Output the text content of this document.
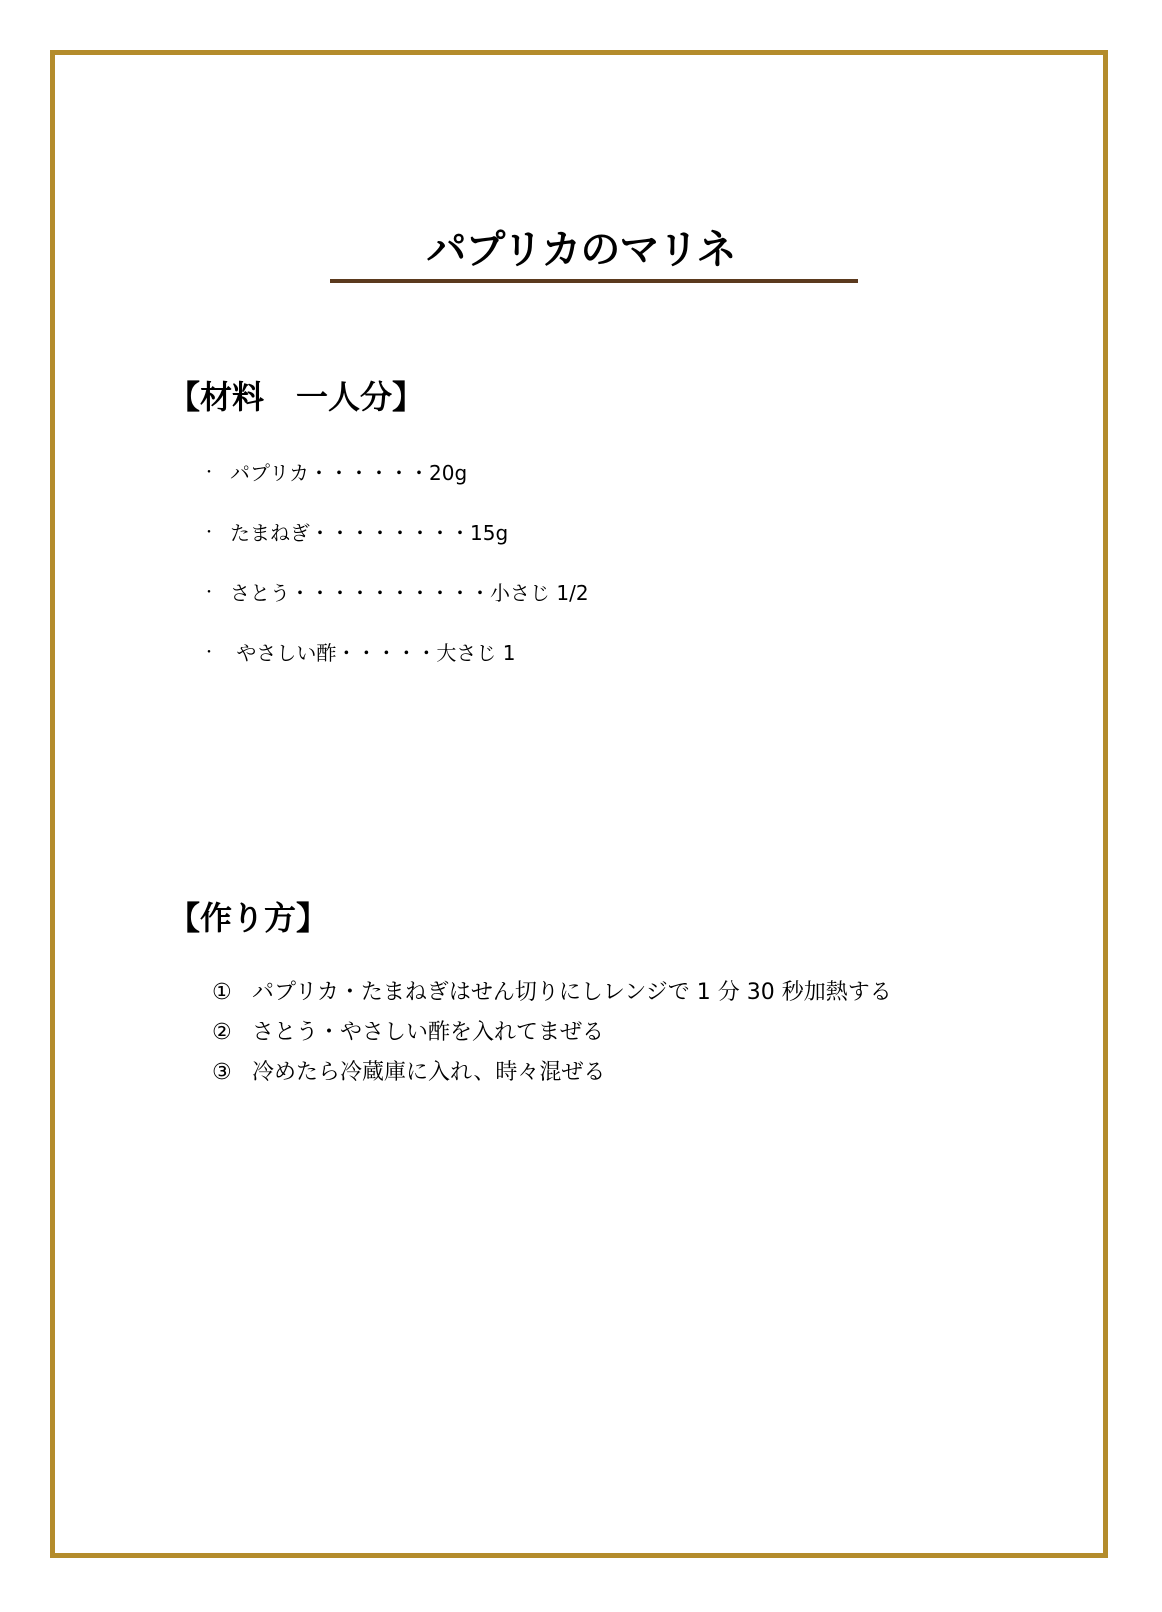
パプリカのマリネ
【材料　一人分】
・ パプリカ・・・・・・20g
・ たまねぎ・・・・・・・・15g
・ さとう・・・・・・・・・・小さじ 1/2
・ やさしい酢・・・・・大さじ 1
【作り方】
① パプリカ・たまねぎはせん切りにしレンジで 1 分 30 秒加熱する
② さとう・やさしい酢を入れてまぜる
③ 冷めたら冷蔵庫に入れ、時々混ぜる
